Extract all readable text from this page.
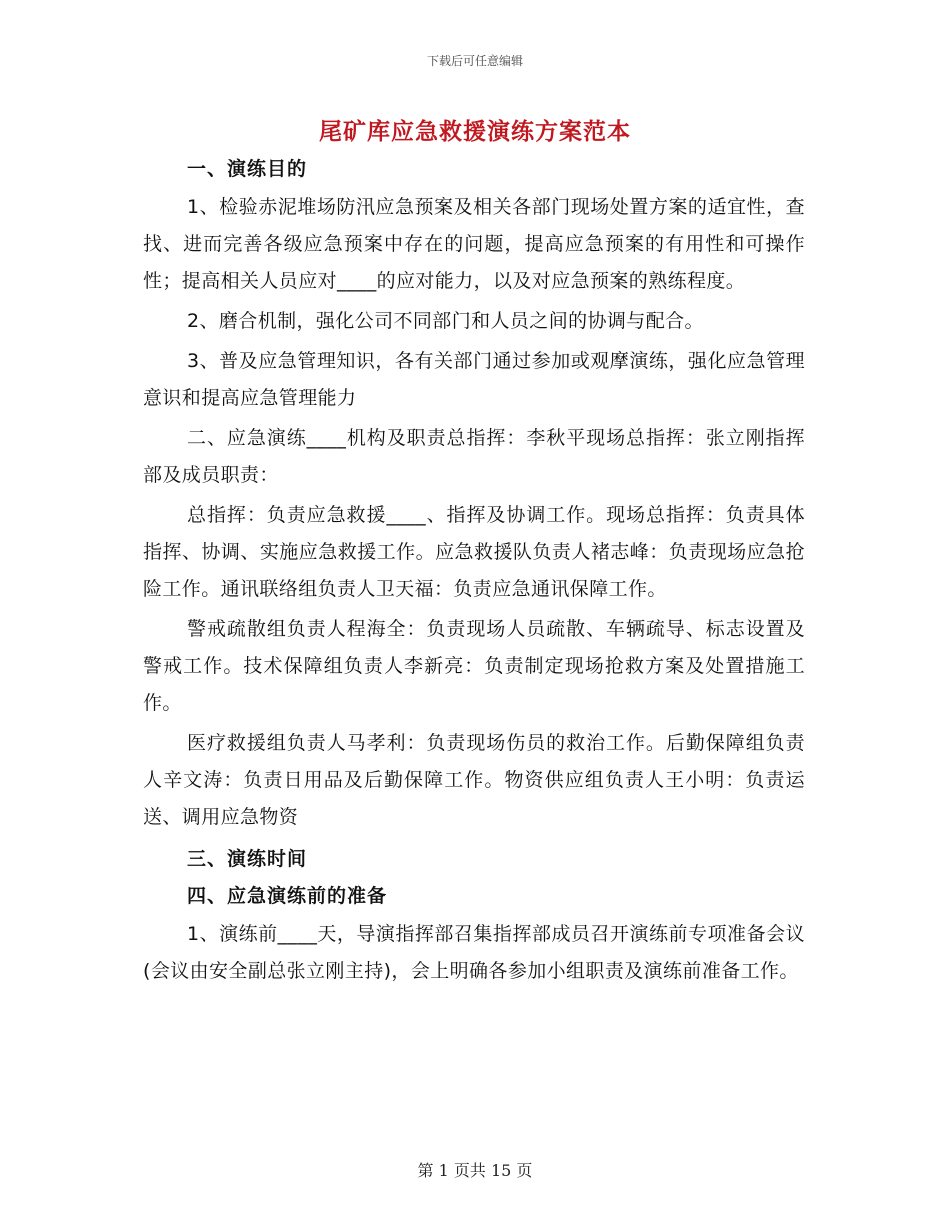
下载后可任意编辑
尾矿库应急救援演练方案范本

一、演练目的

1、检验赤泥堆场防汛应急预案及相关各部门现场处置方案的适宜性，查找、进而完善各级应急预案中存在的问题，提高应急预案的有用性和可操作性；提高相关人员应对____的应对能力，以及对应急预案的熟练程度。

2、磨合机制，强化公司不同部门和人员之间的协调与配合。

3、普及应急管理知识，各有关部门通过参加或观摩演练，强化应急管理意识和提高应急管理能力

二、应急演练____机构及职责总指挥：李秋平现场总指挥：张立刚指挥部及成员职责：

总指挥：负责应急救援____、指挥及协调工作。现场总指挥：负责具体指挥、协调、实施应急救援工作。应急救援队负责人褚志峰：负责现场应急抢险工作。通讯联络组负责人卫天福：负责应急通讯保障工作。

警戒疏散组负责人程海全：负责现场人员疏散、车辆疏导、标志设置及警戒工作。技术保障组负责人李新亮：负责制定现场抢救方案及处置措施工作。

医疗救援组负责人马孝利：负责现场伤员的救治工作。后勤保障组负责人辛文涛：负责日用品及后勤保障工作。物资供应组负责人王小明：负责运送、调用应急物资

三、演练时间

四、应急演练前的准备

1、演练前____天，导演指挥部召集指挥部成员召开演练前专项准备会议(会议由安全副总张立刚主持)，会上明确各参加小组职责及演练前准备工作。

第 1 页共 15 页
